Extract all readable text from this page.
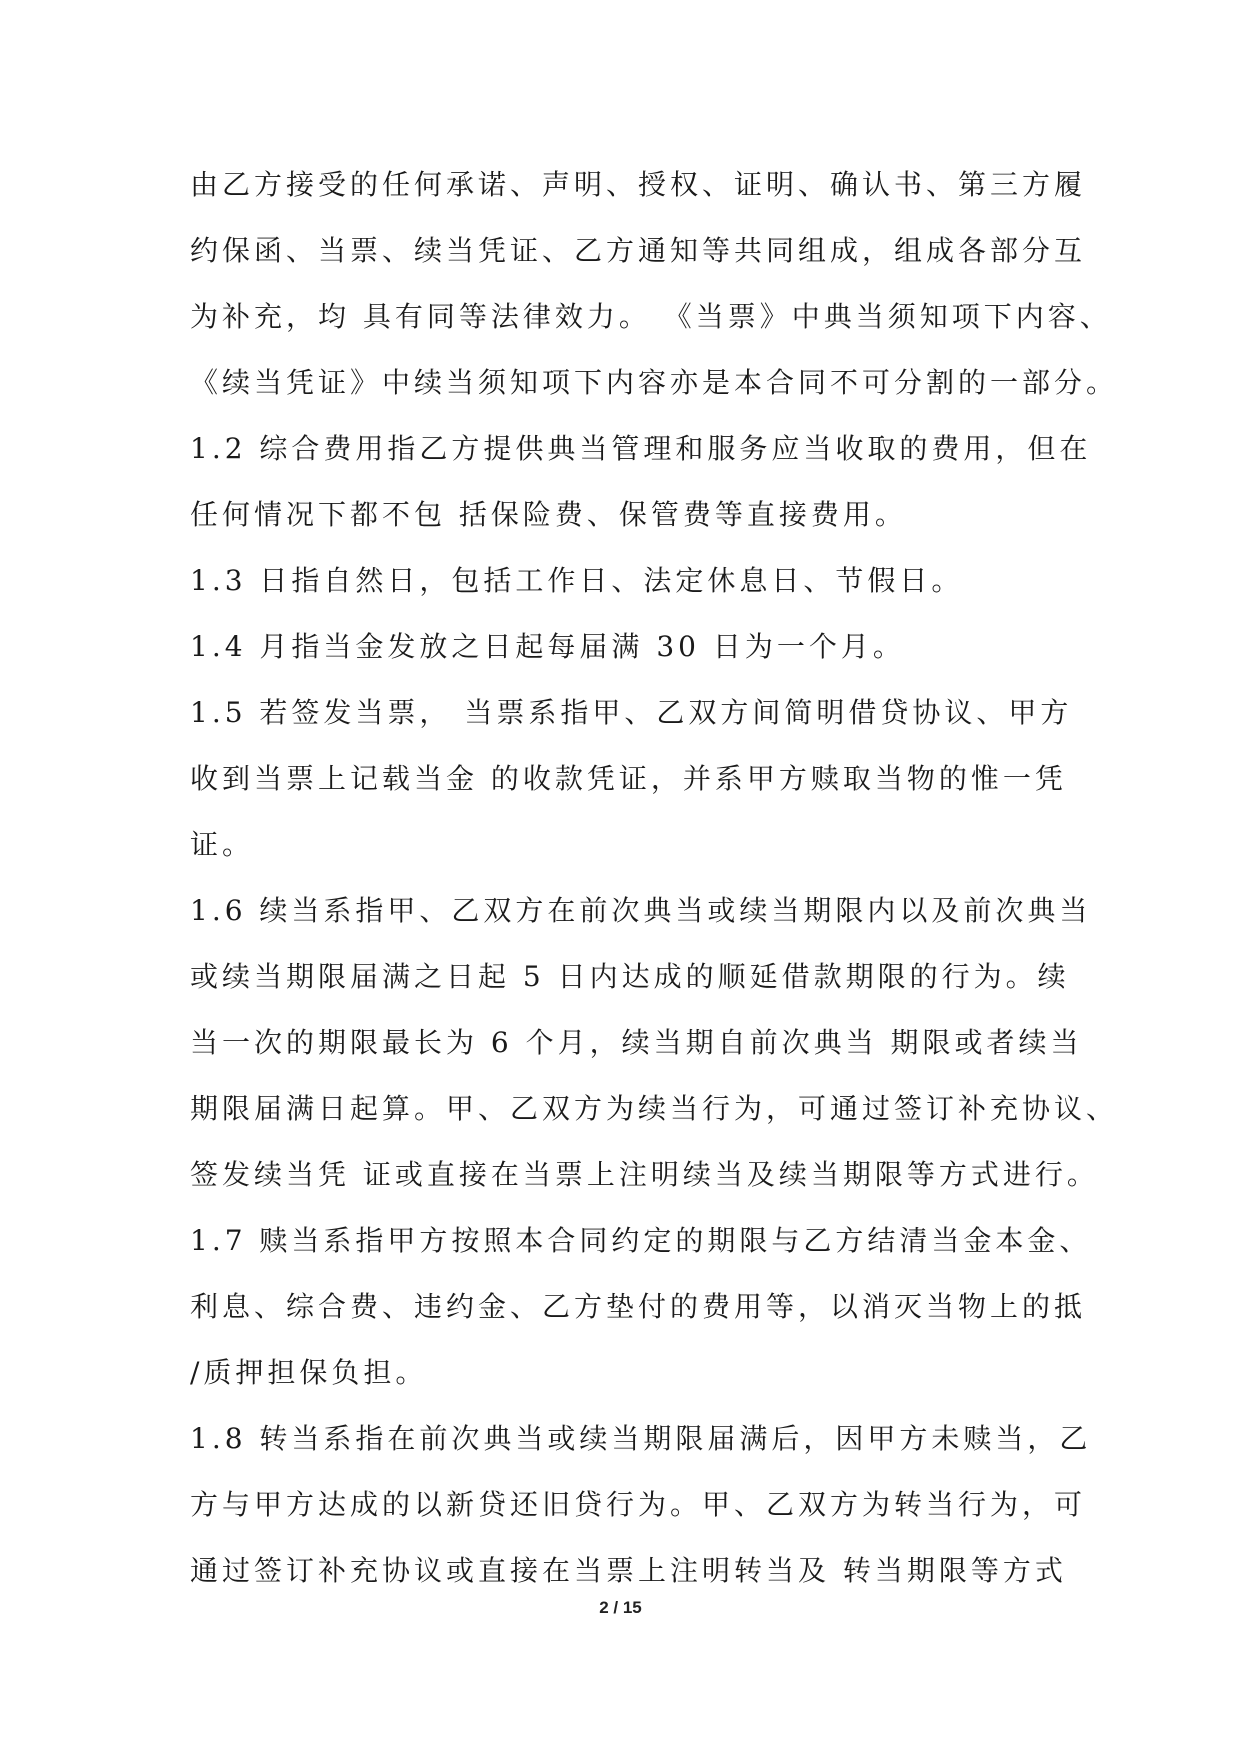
由乙方接受的任何承诺、声明、授权、证明、确认书、第三方履
约保函、当票、续当凭证、乙方通知等共同组成，组成各部分互
为补充，均 具有同等法律效力。 《当票》中典当须知项下内容、
《续当凭证》中续当须知项下内容亦是本合同不可分割的一部分。
1.2 综合费用指乙方提供典当管理和服务应当收取的费用，但在
任何情况下都不包 括保险费、保管费等直接费用。
1.3 日指自然日，包括工作日、法定休息日、节假日。
1.4 月指当金发放之日起每届满 30 日为一个月。
1.5 若签发当票， 当票系指甲、乙双方间简明借贷协议、甲方
收到当票上记载当金 的收款凭证，并系甲方赎取当物的惟一凭
证。
1.6 续当系指甲、乙双方在前次典当或续当期限内以及前次典当
或续当期限届满之日起 5 日内达成的顺延借款期限的行为。续
当一次的期限最长为 6 个月，续当期自前次典当 期限或者续当
期限届满日起算。甲、乙双方为续当行为，可通过签订补充协议、
签发续当凭 证或直接在当票上注明续当及续当期限等方式进行。
1.7 赎当系指甲方按照本合同约定的期限与乙方结清当金本金、
利息、综合费、违约金、乙方垫付的费用等，以消灭当物上的抵
/质押担保负担。
1.8 转当系指在前次典当或续当期限届满后，因甲方未赎当，乙
方与甲方达成的以新贷还旧贷行为。甲、乙双方为转当行为，可
通过签订补充协议或直接在当票上注明转当及 转当期限等方式
2 / 15
